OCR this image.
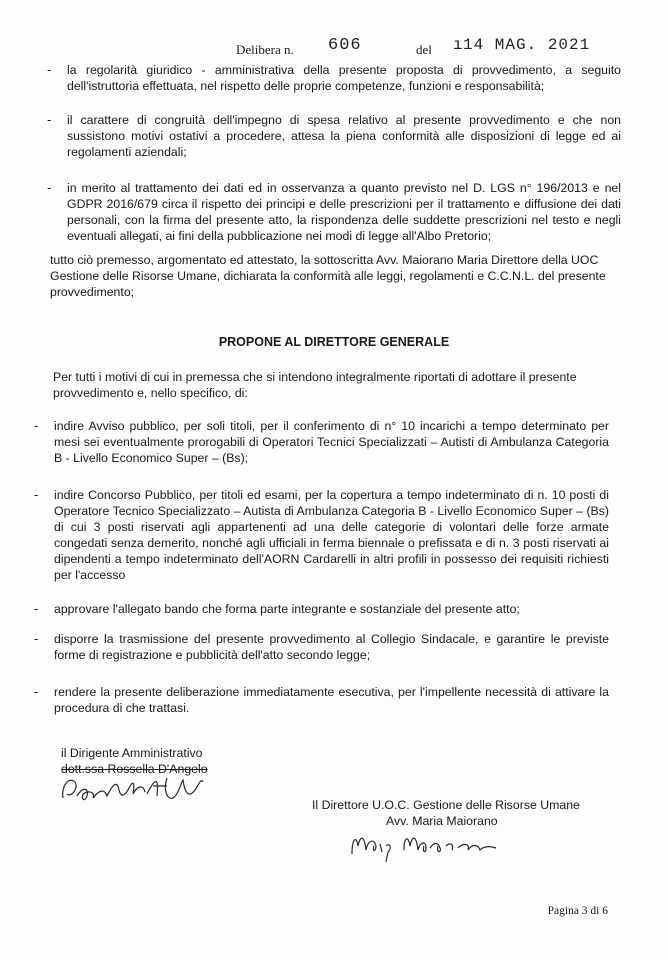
Delibera n. 606	del ı 14 MAG. 2021
- la regolarità giuridico - amministrativa della presente proposta di provvedimento, a seguito dell'istruttoria effettuata, nel rispetto delle proprie competenze, funzioni e responsabilità;
- il carattere di congruità dell'impegno di spesa relativo al presente provvedimento e che non sussistono motivi ostativi a procedere, attesa la piena conformità alle disposizioni di legge ed ai regolamenti aziendali;
- in merito al trattamento dei dati ed in osservanza a quanto previsto nel D. LGS n° 196/2013 e nel GDPR 2016/679 circa il rispetto dei principi e delle prescrizioni per il trattamento e diffusione dei dati personali, con la firma del presente atto, la rispondenza delle suddette prescrizioni nel testo e negli eventuali allegati, ai fini della pubblicazione nei modi di legge all'Albo Pretorio;
tutto ciò premesso, argomentato ed attestato, la sottoscritta Avv. Maiorano Maria Direttore della UOC Gestione delle Risorse Umane, dichiarata la conformità alle leggi, regolamenti e C.C.N.L. del presente provvedimento;
PROPONE AL DIRETTORE GENERALE
Per tutti i motivi di cui in premessa che si intendono integralmente riportati di adottare il presente provvedimento e, nello specifico, di:
- indire Avviso pubblico, per soli titoli, per il conferimento di n° 10 incarichi a tempo determinato per mesi sei eventualmente prorogabili di Operatori Tecnici Specializzati – Autisti di Ambulanza Categoria B - Livello Economico Super – (Bs);
- indire Concorso Pubblico, per titoli ed esami, per la copertura a tempo indeterminato di n. 10 posti di Operatore Tecnico Specializzato – Autista di Ambulanza Categoria B - Livello Economico Super – (Bs) di cui 3 posti riservati agli appartenenti ad una delle categorie di volontari delle forze armate congedati senza demerito, nonché agli ufficiali in ferma biennale o prefissata e di n. 3 posti riservati ai dipendenti a tempo indeterminato dell'AORN Cardarelli in altri profili in possesso dei requisiti richiesti per l'accesso
- approvare l'allegato bando che forma parte integrante e sostanziale del presente atto;
- disporre la trasmissione del presente provvedimento al Collegio Sindacale, e garantire le previste forme di registrazione e pubblicità dell'atto secondo legge;
- rendere la presente deliberazione immediatamente esecutiva, per l'impellente necessità di attivare la procedura di che trattasi.
il Dirigente Amministrativo
dott.ssa Rossella D'Angelo
Il Direttore U.O.C. Gestione delle Risorse Umane
Avv. Maria Maiorano
Pagina 3 di 6
